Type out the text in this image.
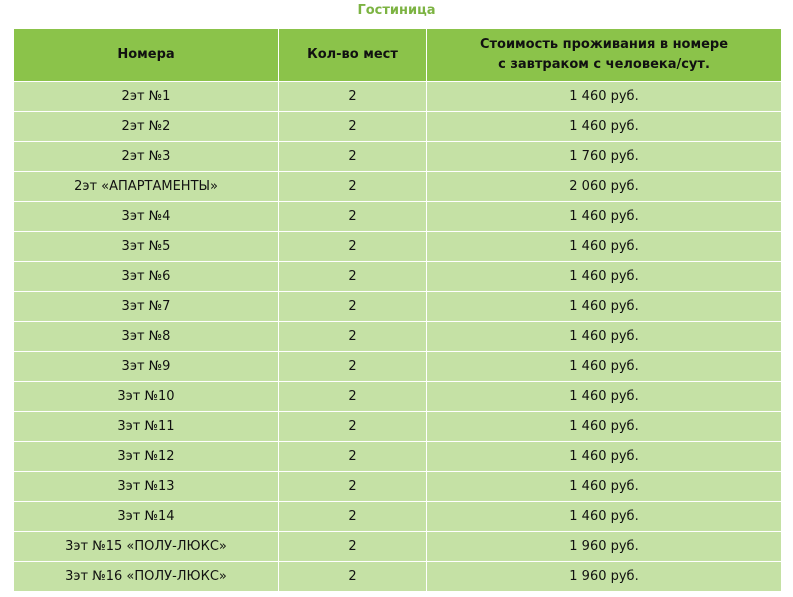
Гостиница
Номера	Кол-во мест	Стоимость проживания в номере
с завтраком с человека/сут.

2эт №1	2	1 460 руб.
2эт №2	2	1 460 руб.
2эт №3	2	1 760 руб.
2эт «АПАРТАМЕНТЫ»	2	2 060 руб.
3эт №4	2	1 460 руб.
3эт №5	2	1 460 руб.
3эт №6	2	1 460 руб.
3эт №7	2	1 460 руб.
3эт №8	2	1 460 руб.
3эт №9	2	1 460 руб.
3эт №10	2	1 460 руб.
3эт №11	2	1 460 руб.
3эт №12	2	1 460 руб.
3эт №13	2	1 460 руб.
3эт №14	2	1 460 руб.
3эт №15 «ПОЛУ-ЛЮКС»	2	1 960 руб.
3эт №16 «ПОЛУ-ЛЮКС»	2	1 960 руб.
